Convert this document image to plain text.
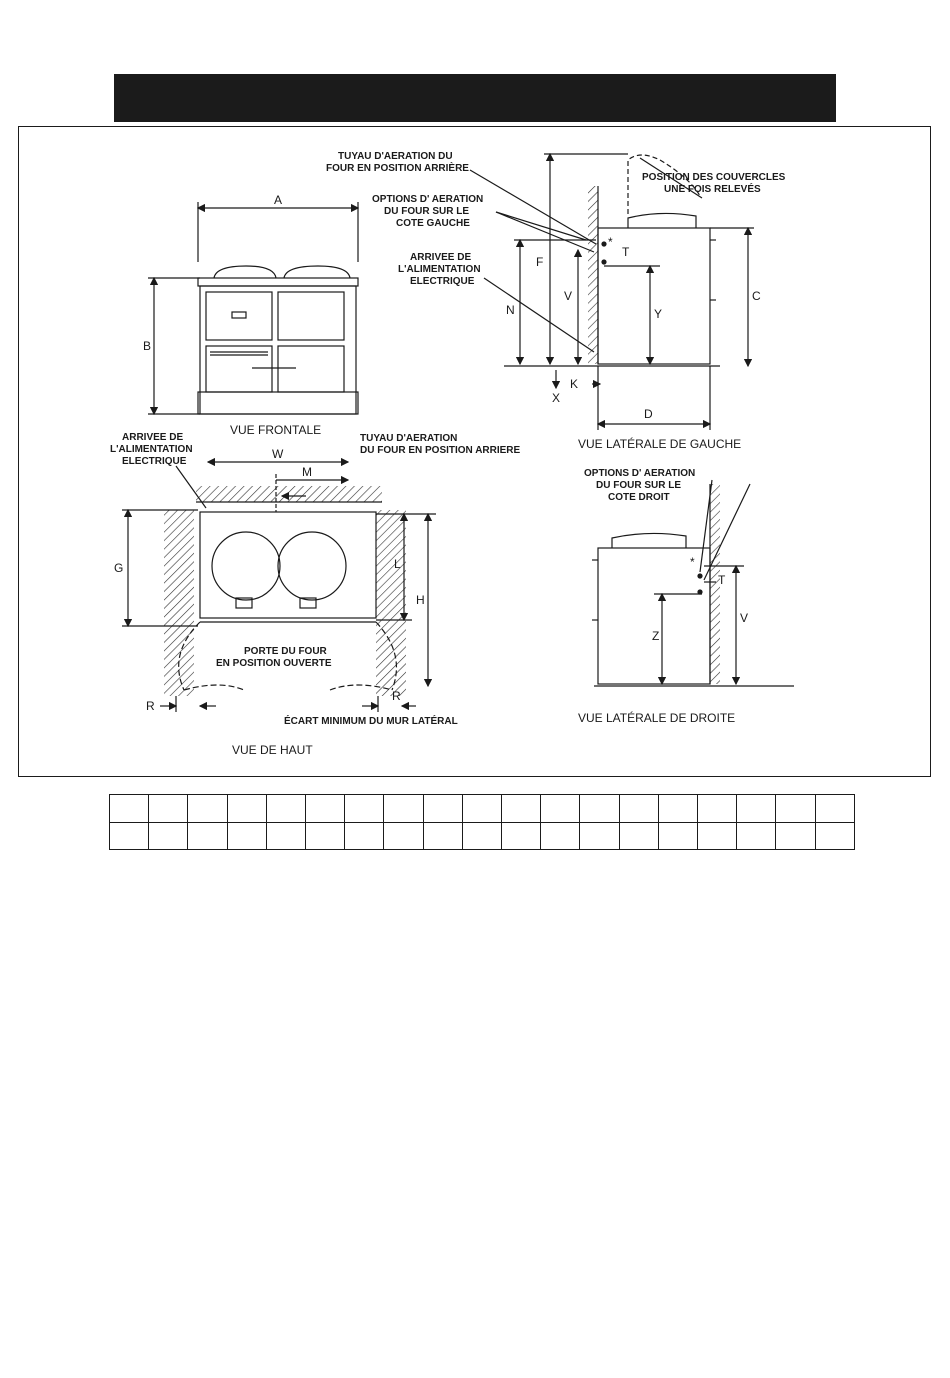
A
B
VUE FRONTALE
TUYAU D'AERATION DU
FOUR EN POSITION ARRIÈRE
OPTIONS D' AERATION
DU FOUR SUR LE
COTE GAUCHE
ARRIVEE DE
L'ALIMENTATION
ELECTRIQUE
POSITION DES COUVERCLES
UNE FOIS RELEVÉS
C
F
N
V
Y
T
*
X
K
D
VUE LATÉRALE DE GAUCHE
ARRIVEE DE
L'ALIMENTATION
ELECTRIQUE
TUYAU D'AERATION
DU FOUR EN POSITION ARRIERE
W
M
G	L
H
PORTE DU FOUR
EN POSITION OUVERTE
R
R
ÉCART MINIMUM DU MUR LATÉRAL
VUE DE HAUT
OPTIONS D' AERATION
DU FOUR SUR LE
COTE DROIT
*
T
V
Z
VUE LATÉRALE DE DROITE
